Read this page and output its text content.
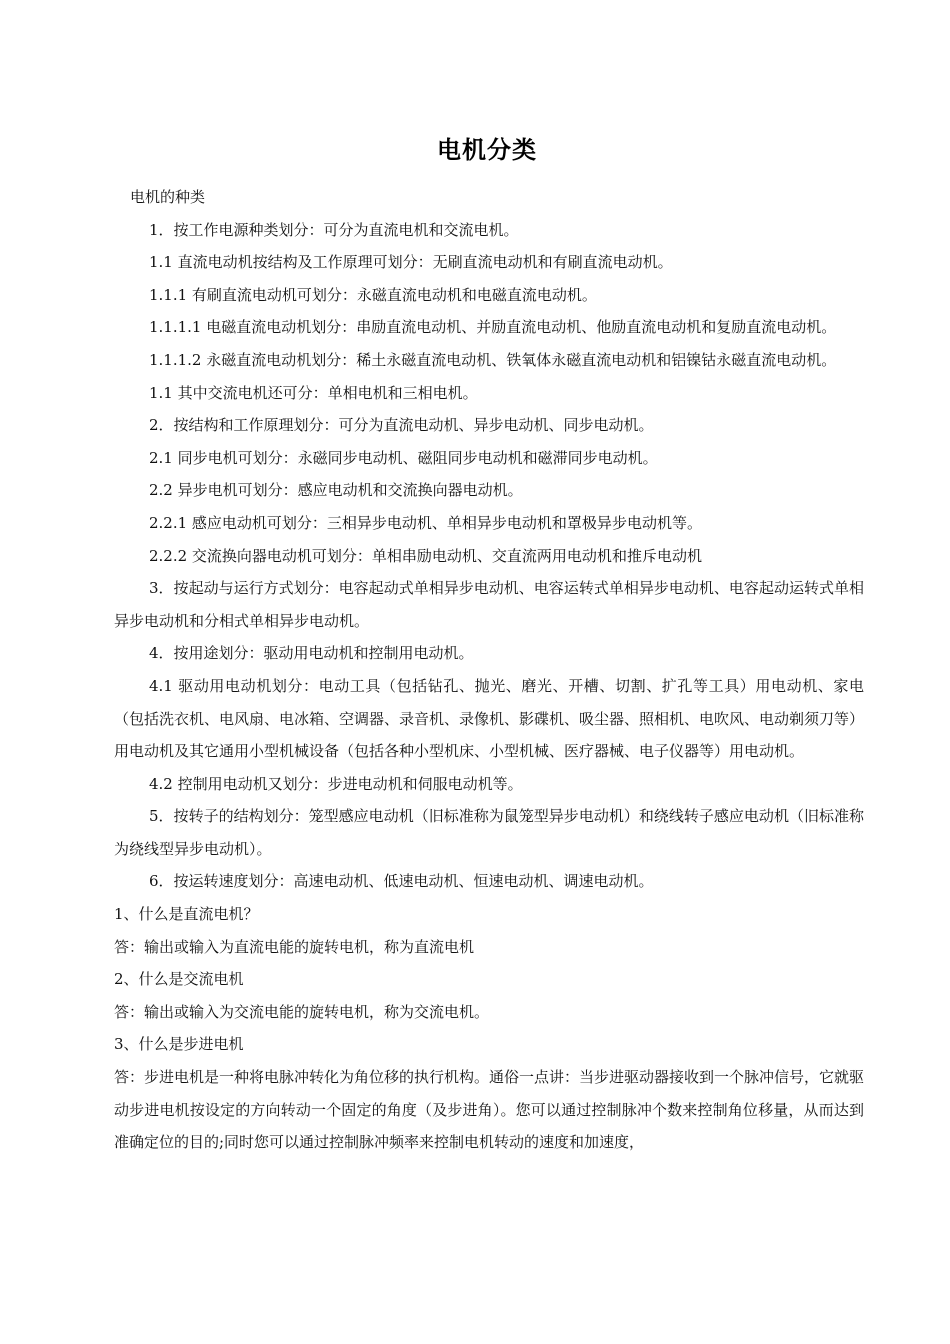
电机分类

电机的种类

1．按工作电源种类划分：可分为直流电机和交流电机。

1.1 直流电动机按结构及工作原理可划分：无刷直流电动机和有刷直流电动机。

1.1.1 有刷直流电动机可划分：永磁直流电动机和电磁直流电动机。

1.1.1.1 电磁直流电动机划分：串励直流电动机、并励直流电动机、他励直流电动机和复励直流电动机。

1.1.1.2 永磁直流电动机划分：稀土永磁直流电动机、铁氧体永磁直流电动机和铝镍钴永磁直流电动机。

1.1 其中交流电机还可分：单相电机和三相电机。

2．按结构和工作原理划分：可分为直流电动机、异步电动机、同步电动机。

2.1 同步电机可划分：永磁同步电动机、磁阻同步电动机和磁滞同步电动机。

2.2 异步电机可划分：感应电动机和交流换向器电动机。

2.2.1 感应电动机可划分：三相异步电动机、单相异步电动机和罩极异步电动机等。

2.2.2 交流换向器电动机可划分：单相串励电动机、交直流两用电动机和推斥电动机

3．按起动与运行方式划分：电容起动式单相异步电动机、电容运转式单相异步电动机、电容起动运转式单相异步电动机和分相式单相异步电动机。

4．按用途划分：驱动用电动机和控制用电动机。

4.1 驱动用电动机划分：电动工具（包括钻孔、抛光、磨光、开槽、切割、扩孔等工具）用电动机、家电（包括洗衣机、电风扇、电冰箱、空调器、录音机、录像机、影碟机、吸尘器、照相机、电吹风、电动剃须刀等）用电动机及其它通用小型机械设备（包括各种小型机床、小型机械、医疗器械、电子仪器等）用电动机。

4.2 控制用电动机又划分：步进电动机和伺服电动机等。

5．按转子的结构划分：笼型感应电动机（旧标准称为鼠笼型异步电动机）和绕线转子感应电动机（旧标准称为绕线型异步电动机）。

6．按运转速度划分：高速电动机、低速电动机、恒速电动机、调速电动机。

1、什么是直流电机？

答：输出或输入为直流电能的旋转电机，称为直流电机

2、什么是交流电机

答：输出或输入为交流电能的旋转电机，称为交流电机。

3、什么是步进电机

答：步进电机是一种将电脉冲转化为角位移的执行机构。通俗一点讲：当步进驱动器接收到一个脉冲信号，它就驱动步进电机按设定的方向转动一个固定的角度（及步进角）。您可以通过控制脉冲个数来控制角位移量，从而达到准确定位的目的;同时您可以通过控制脉冲频率来控制电机转动的速度和加速度，
